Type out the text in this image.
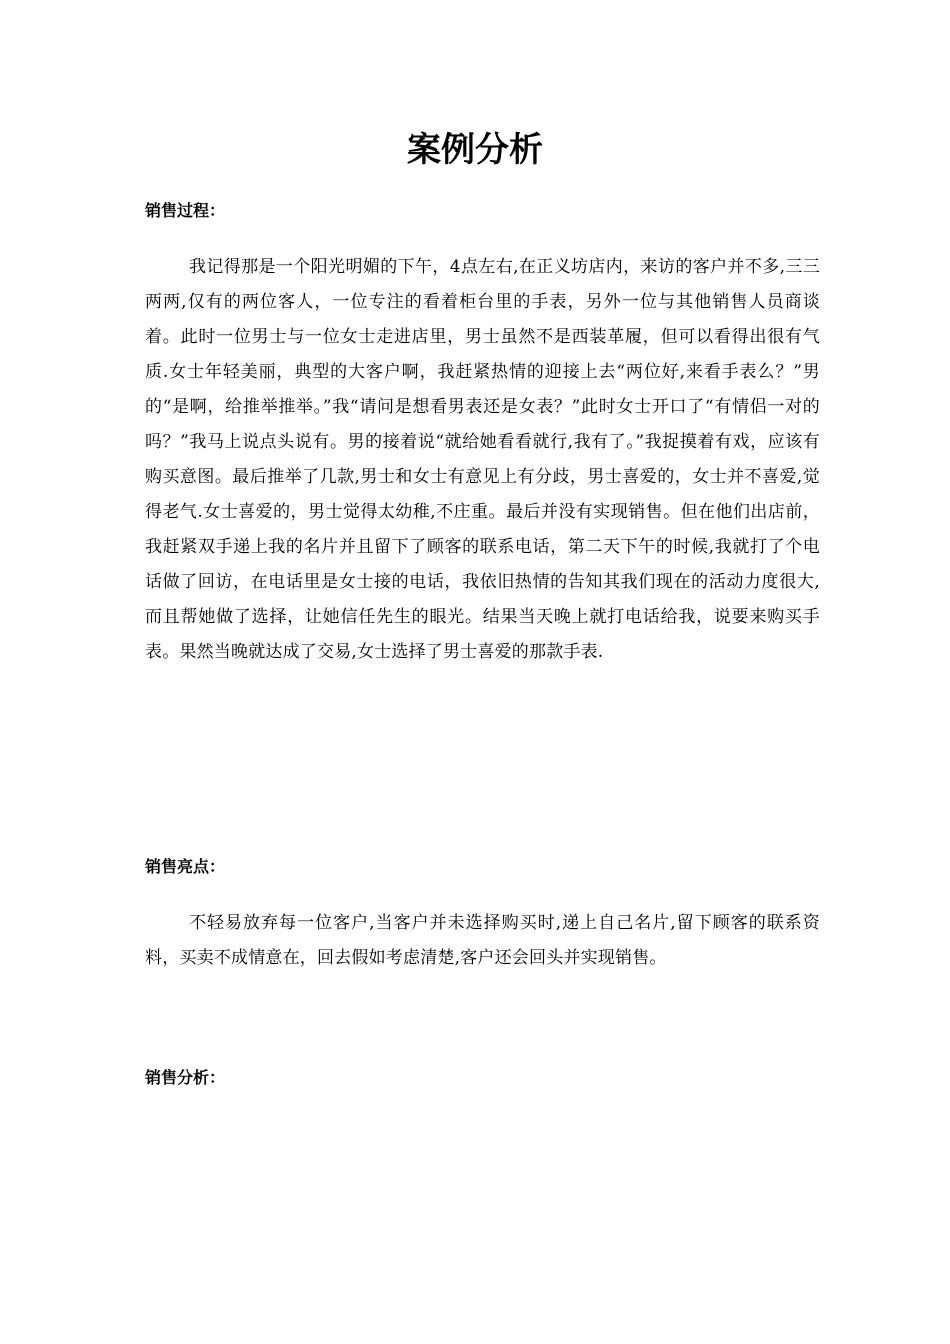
案例分析
销售过程：

我记得那是一个阳光明媚的下午，4点左右,在正义坊店内，来访的客户并不多,三三两两,仅有的两位客人，一位专注的看着柜台里的手表，另外一位与其他销售人员商谈着。此时一位男士与一位女士走进店里，男士虽然不是西装革履，但可以看得出很有气质.女士年轻美丽，典型的大客户啊，我赶紧热情的迎接上去“两位好,来看手表么？”男的“是啊，给推举推举。”我“请问是想看男表还是女表？”此时女士开口了“有情侣一对的吗？”我马上说点头说有。男的接着说“就给她看看就行,我有了。”我捉摸着有戏，应该有购买意图。最后推举了几款,男士和女士有意见上有分歧，男士喜爱的，女士并不喜爱,觉得老气.女士喜爱的，男士觉得太幼稚,不庄重。最后并没有实现销售。但在他们出店前，我赶紧双手递上我的名片并且留下了顾客的联系电话，第二天下午的时候,我就打了个电话做了回访，在电话里是女士接的电话，我依旧热情的告知其我们现在的活动力度很大,而且帮她做了选择，让她信任先生的眼光。结果当天晚上就打电话给我，说要来购买手表。果然当晚就达成了交易,女士选择了男士喜爱的那款手表.

销售亮点：

不轻易放弃每一位客户,当客户并未选择购买时,递上自己名片,留下顾客的联系资料，买卖不成情意在，回去假如考虑清楚,客户还会回头并实现销售。

销售分析：
